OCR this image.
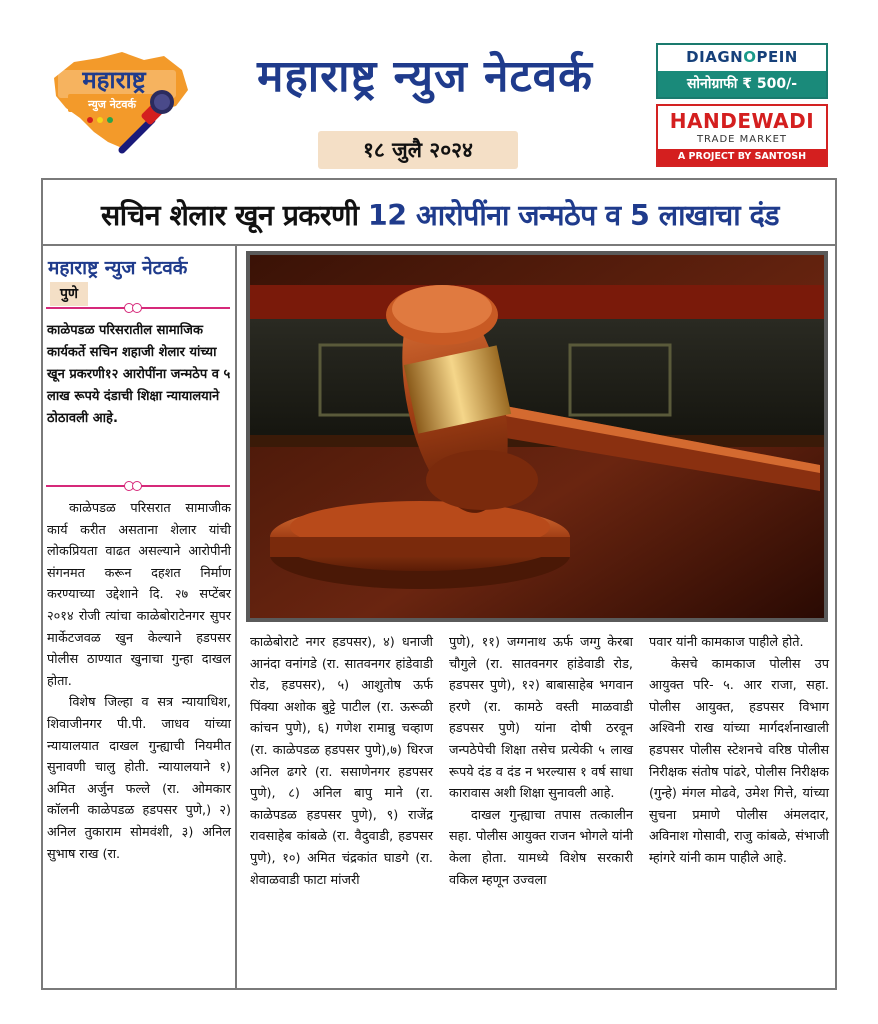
महाराष्ट्र
न्युज नेटवर्क
महाराष्ट्र न्युज नेटवर्क
१८ जुलै २०२४
DIAGNOPEIN
सोनोग्राफी ₹ 500/-
HANDEWADI
TRADE MARKET
A PROJECT BY SANTOSH GROUP
सचिन शेलार खून प्रकरणी 12 आरोपींना जन्मठेप व 5 लाखाचा दंड
महाराष्ट्र न्युज नेटवर्क
पुणे
काळेपडळ परिसरातील सामाजिक कार्यकर्ते सचिन शहाजी शेलार यांच्या खून प्रकरणी१२ आरोपींना जन्मठेप व ५ लाख रूपये दंडाची शिक्षा न्यायालयाने ठोठावली आहे.

काळेपडळ परिसरात सामाजीक कार्य करीत असताना शेलार यांची लोकप्रियता वाढत असल्याने आरोपीनी संगनमत करून दहशत निर्माण करण्याच्या उद्देशाने दि. २७ सप्टेंबर २०१४ रोजी त्यांचा काळेबोराटेनगर सुपर मार्केटजवळ खुन केल्याने हडपसर पोलीस ठाण्यात खुनाचा गुन्हा दाखल होता.

विशेष जिल्हा व सत्र न्यायाधिश, शिवाजीनगर पी.पी. जाधव यांच्या न्यायालयात दाखल गुन्ह्याची नियमीत सुनावणी चालु होती. न्यायालयाने १) अमित अर्जुन फल्ले (रा. ओमकार कॉलनी काळेपडळ हडपसर पुणे,) २) अनिल तुकाराम सोमवंशी, ३) अनिल सुभाष राख (रा.

काळेबोराटे नगर हडपसर), ४) धनाजी आनंदा वनांगडे (रा. सातवनगर हांडेवाडी रोड, हडपसर), ५) आशुतोष ऊर्फ पिंक्या अशोक बुट्टे पाटील (रा. ऊरूळी कांचन पुणे), ६) गणेश रामान्नु चव्हाण (रा. काळेपडळ हडपसर पुणे),७) धिरज अनिल ढगरे (रा. ससाणेनगर हडपसर पुणे), ८) अनिल बापु माने (रा. काळेपडळ हडपसर पुणे), ९) राजेंद्र रावसाहेब कांबळे (रा. वैदुवाडी, हडपसर पुणे), १०) अमित चंद्रकांत घाडगे (रा. शेवाळवाडी फाटा मांजरी

पुणे), ११) जग्गनाथ ऊर्फ जग्गु केरबा चौगुले (रा. सातवनगर हांडेवाडी रोड, हडपसर पुणे), १२) बाबासाहेब भगवान हरणे (रा. कामठे वस्ती माळवाडी हडपसर पुणे) यांना दोषी ठरवून जन्पठेपेची शिक्षा तसेच प्रत्येकी ५ लाख रूपये दंड व दंड न भरल्यास १ वर्ष साधा कारावास अशी शिक्षा सुनावली आहे.

दाखल गुन्ह्याचा तपास तत्कालीन सहा. पोलीस आयुक्त राजन भोगले यांनी केला होता. यामध्ये विशेष सरकारी वकिल म्हणून उज्वला

पवार यांनी कामकाज पाहीले होते.

केसचे कामकाज पोलीस उप आयुक्त परि- ५. आर राजा, सहा. पोलीस आयुक्त, हडपसर विभाग अश्विनी राख यांच्या मार्गदर्शनाखाली हडपसर पोलीस स्टेशनचे वरिष्ठ पोलीस निरीक्षक संतोष पांढरे, पोलीस निरीक्षक (गुन्हे) मंगल मोढवे, उमेश गित्ते, यांच्या सुचना प्रमाणे पोलीस अंमलदार, अविनाश गोसावी, राजु कांबळे, संभाजी म्हांगरे यांनी काम पाहीले आहे.
